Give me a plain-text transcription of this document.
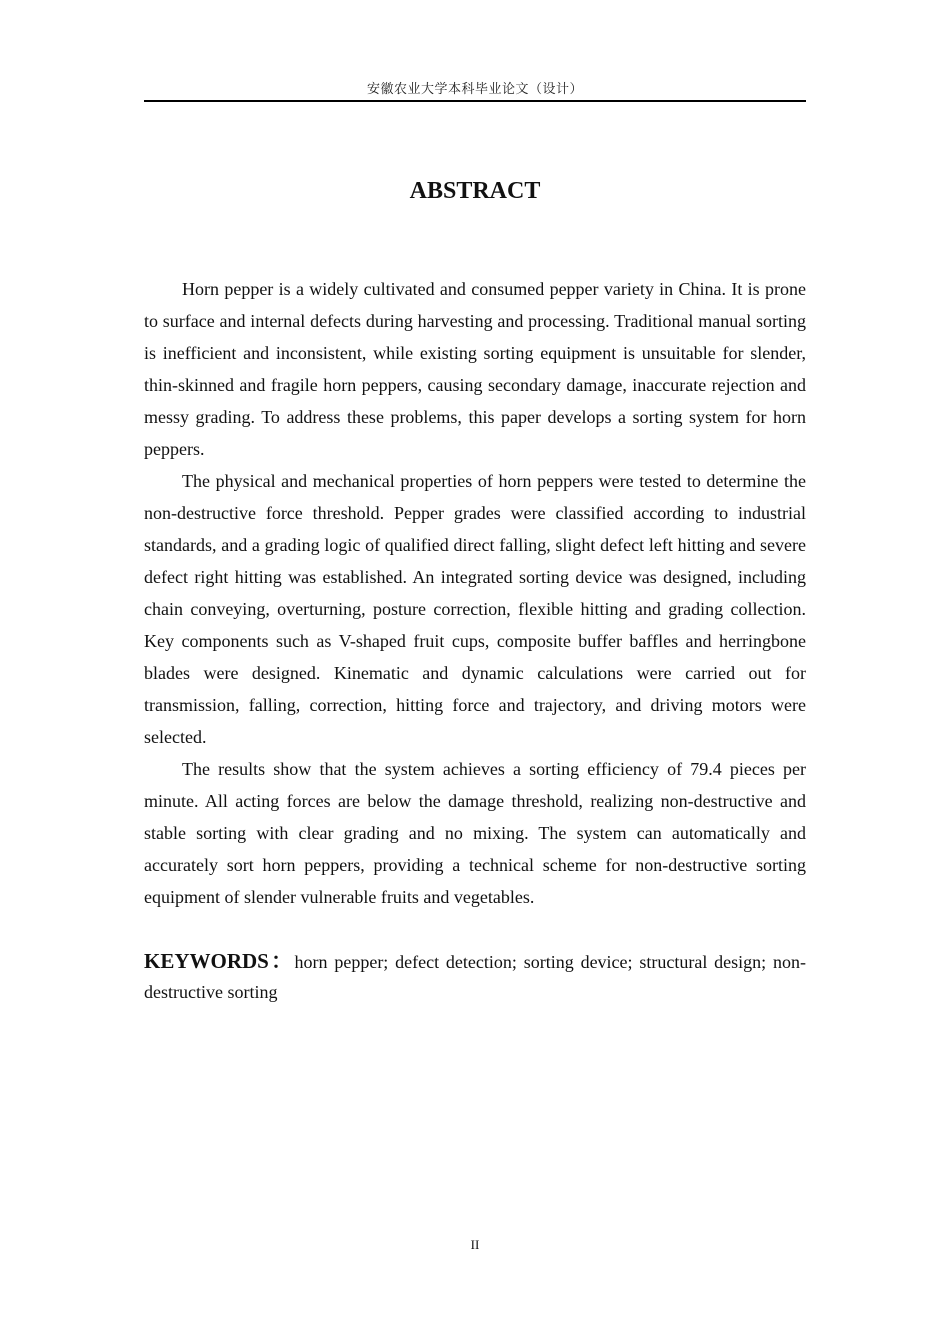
安徽农业大学本科毕业论文（设计）
ABSTRACT

Horn pepper is a widely cultivated and consumed pepper variety in China. It is prone to surface and internal defects during harvesting and processing. Traditional manual sorting is inefficient and inconsistent, while existing sorting equipment is unsuitable for slender, thin-skinned and fragile horn peppers, causing secondary damage, inaccurate rejection and messy grading. To address these problems, this paper develops a sorting system for horn peppers.

The physical and mechanical properties of horn peppers were tested to determine the non-destructive force threshold. Pepper grades were classified according to industrial standards, and a grading logic of qualified direct falling, slight defect left hitting and severe defect right hitting was established. An integrated sorting device was designed, including chain conveying, overturning, posture correction, flexible hitting and grading collection. Key components such as V-shaped fruit cups, composite buffer baffles and herringbone blades were designed. Kinematic and dynamic calculations were carried out for transmission, falling, correction, hitting force and trajectory, and driving motors were selected.

The results show that the system achieves a sorting efficiency of 79.4 pieces per minute. All acting forces are below the damage threshold, realizing non-destructive and stable sorting with clear grading and no mixing. The system can automatically and accurately sort horn peppers, providing a technical scheme for non-destructive sorting equipment of slender vulnerable fruits and vegetables.

KEYWORDS：horn pepper; defect detection; sorting device; structural design; non-destructive sorting
II
